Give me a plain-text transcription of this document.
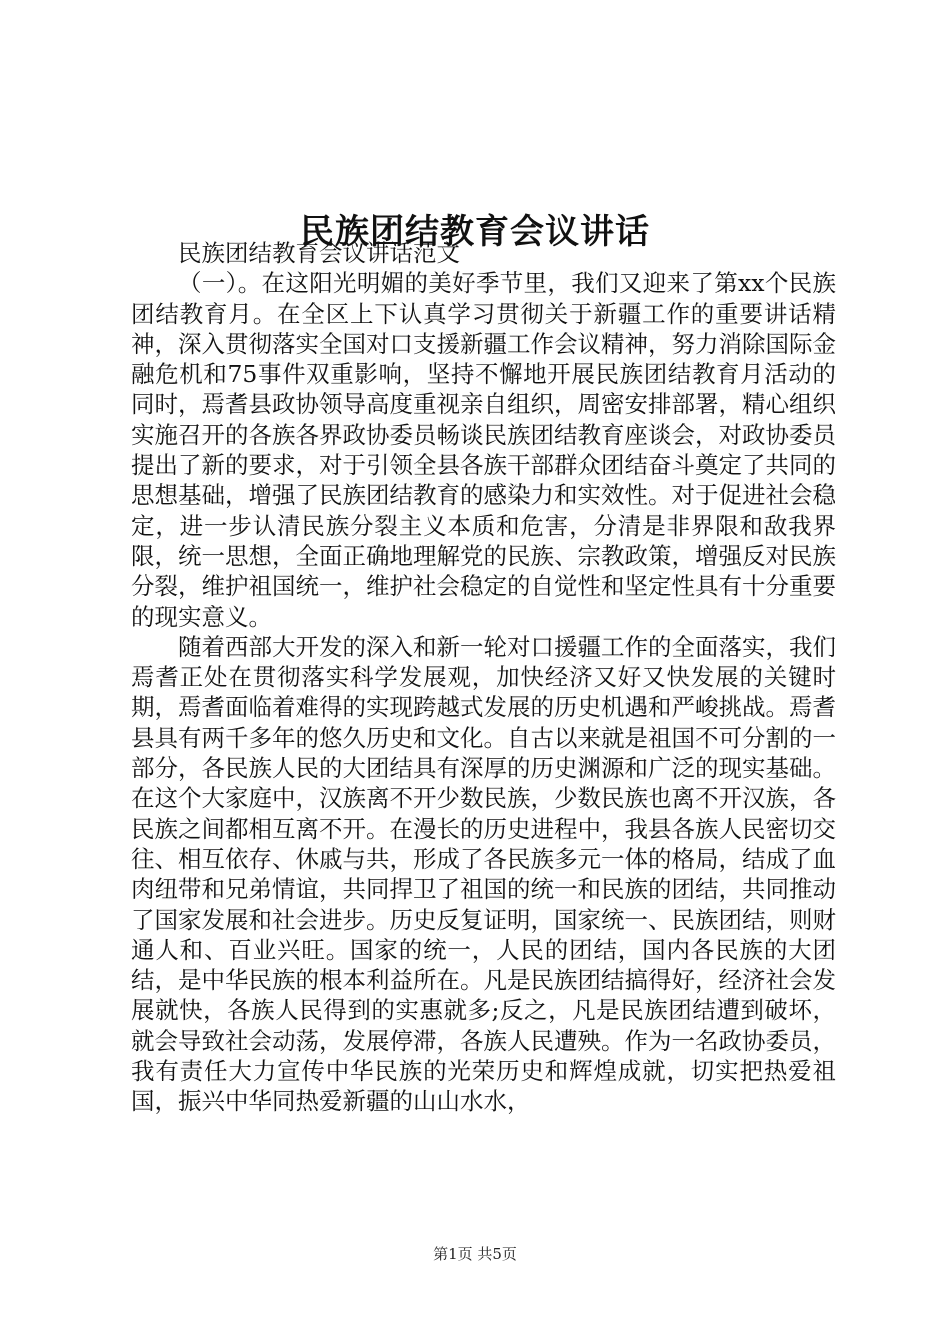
民族团结教育会议讲话

民族团结教育会议讲话范文

（一）。在这阳光明媚的美好季节里，我们又迎来了第xx个民族团结教育月。在全区上下认真学习贯彻关于新疆工作的重要讲话精神，深入贯彻落实全国对口支援新疆工作会议精神，努力消除国际金融危机和75事件双重影响，坚持不懈地开展民族团结教育月活动的同时，焉耆县政协领导高度重视亲自组织，周密安排部署，精心组织实施召开的各族各界政协委员畅谈民族团结教育座谈会，对政协委员提出了新的要求，对于引领全县各族干部群众团结奋斗奠定了共同的思想基础，增强了民族团结教育的感染力和实效性。对于促进社会稳定，进一步认清民族分裂主义本质和危害，分清是非界限和敌我界限，统一思想，全面正确地理解党的民族、宗教政策，增强反对民族分裂，维护祖国统一，维护社会稳定的自觉性和坚定性具有十分重要的现实意义。

随着西部大开发的深入和新一轮对口援疆工作的全面落实，我们焉耆正处在贯彻落实科学发展观，加快经济又好又快发展的关键时期，焉耆面临着难得的实现跨越式发展的历史机遇和严峻挑战。焉耆县具有两千多年的悠久历史和文化。自古以来就是祖国不可分割的一部分，各民族人民的大团结具有深厚的历史渊源和广泛的现实基础。在这个大家庭中，汉族离不开少数民族，少数民族也离不开汉族，各民族之间都相互离不开。在漫长的历史进程中，我县各族人民密切交往、相互依存、休戚与共，形成了各民族多元一体的格局，结成了血肉纽带和兄弟情谊，共同捍卫了祖国的统一和民族的团结，共同推动了国家发展和社会进步。历史反复证明，国家统一、民族团结，则财通人和、百业兴旺。国家的统一，人民的团结，国内各民族的大团结，是中华民族的根本利益所在。凡是民族团结搞得好，经济社会发展就快，各族人民得到的实惠就多;反之，凡是民族团结遭到破坏，就会导致社会动荡，发展停滞，各族人民遭殃。作为一名政协委员，我有责任大力宣传中华民族的光荣历史和辉煌成就，切实把热爱祖国，振兴中华同热爱新疆的山山水水，

第1页 共5页
